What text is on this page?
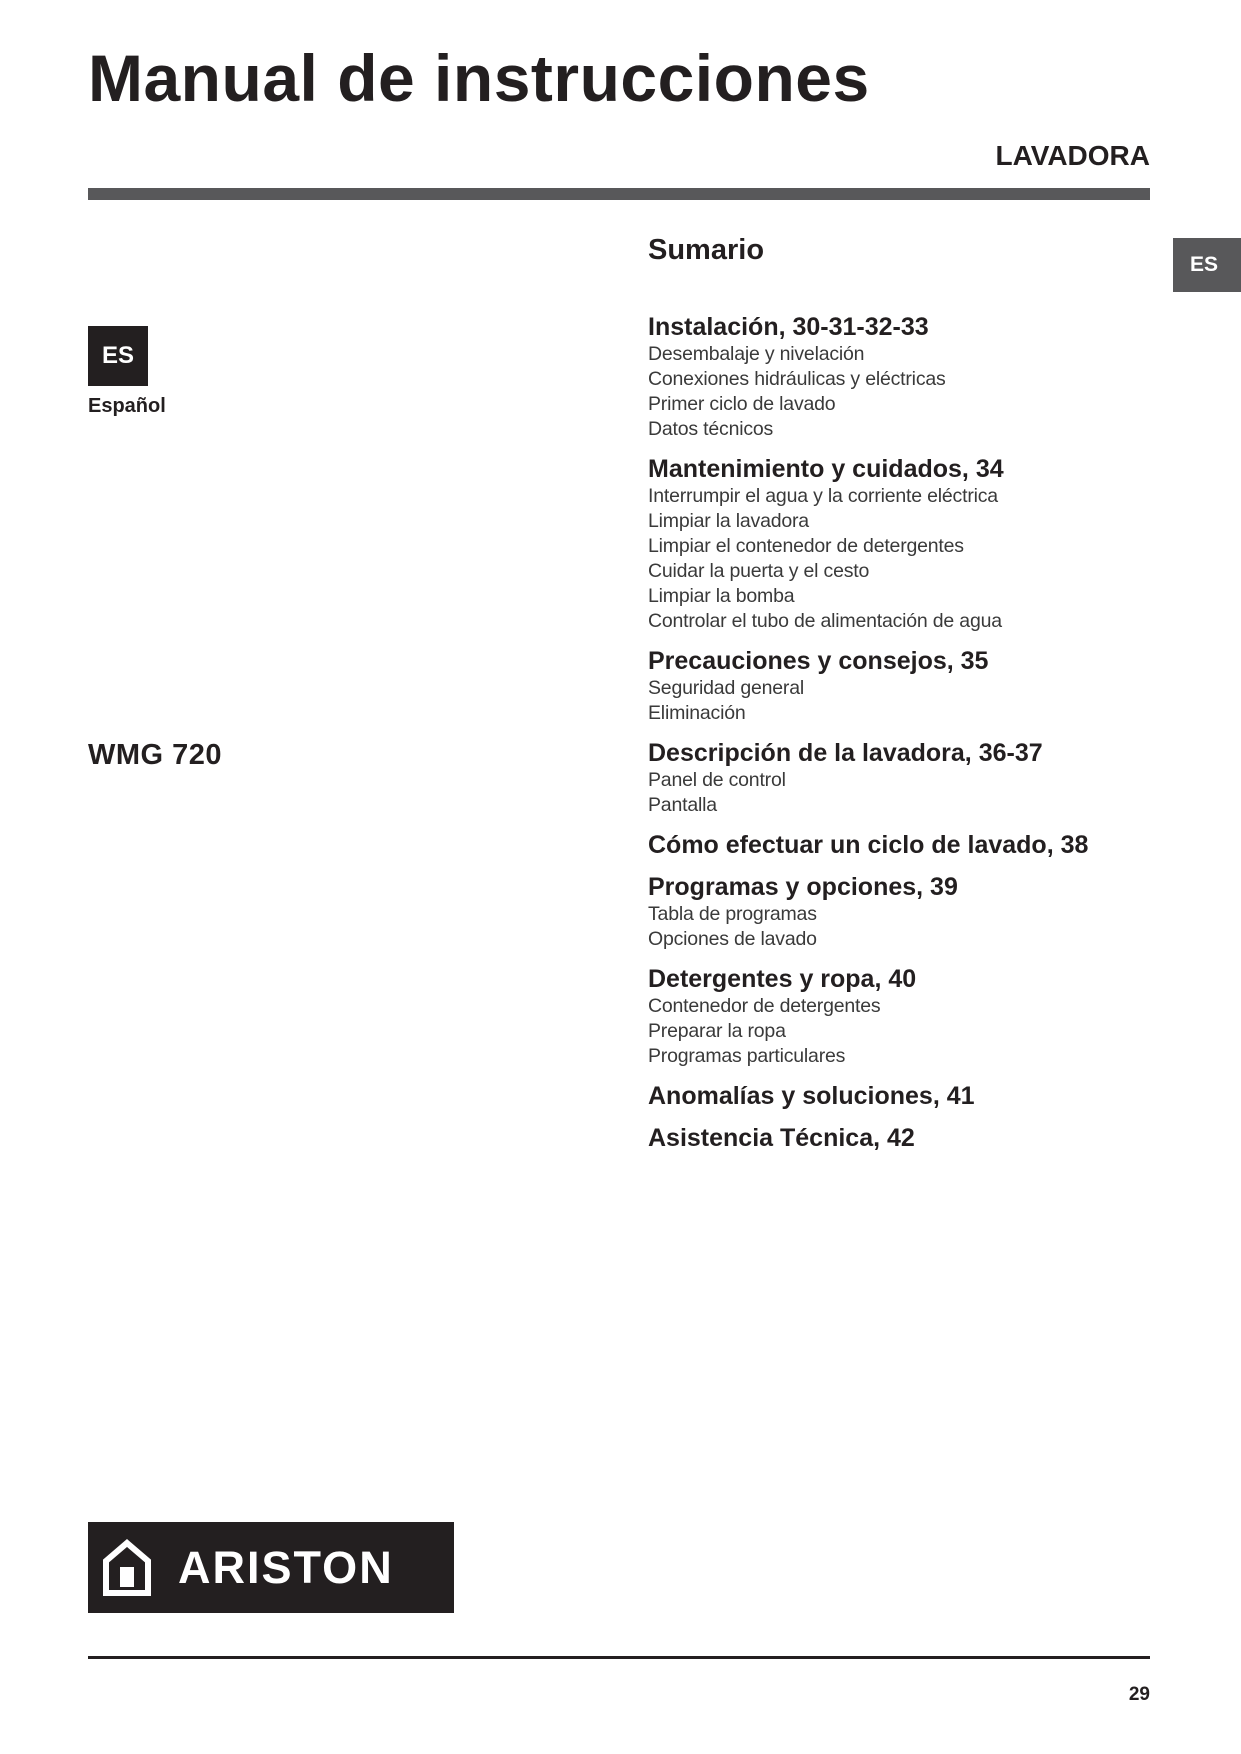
Manual de instrucciones
LAVADORA
ES
ES
Español
WMG 720
Sumario
Instalación, 30-31-32-33
Desembalaje y nivelación
Conexiones hidráulicas y eléctricas
Primer ciclo de lavado
Datos técnicos
Mantenimiento y cuidados, 34
Interrumpir el agua y la corriente eléctrica
Limpiar la lavadora
Limpiar el contenedor de detergentes
Cuidar la puerta y el cesto
Limpiar la bomba
Controlar el tubo de alimentación de agua
Precauciones y consejos, 35
Seguridad general
Eliminación
Descripción de la lavadora, 36-37
Panel de control
Pantalla
Cómo efectuar un ciclo de lavado, 38
Programas y opciones, 39
Tabla de programas
Opciones de lavado
Detergentes y ropa, 40
Contenedor de detergentes
Preparar la ropa
Programas particulares
Anomalías y soluciones, 41
Asistencia Técnica, 42
ARISTON
29
